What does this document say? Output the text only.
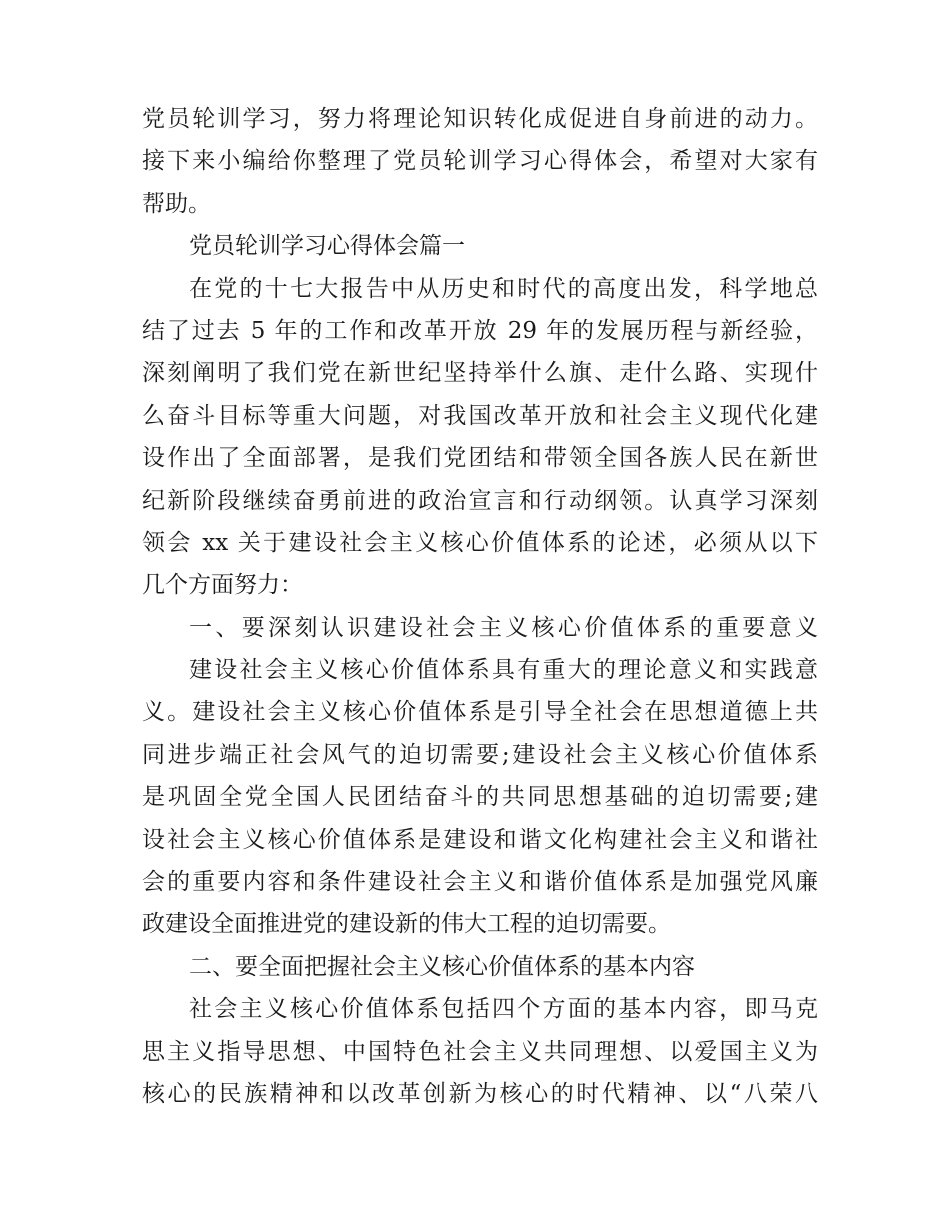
党员轮训学习，努力将理论知识转化成促进自身前进的动力。
接下来小编给你整理了党员轮训学习心得体会，希望对大家有
帮助。
党员轮训学习心得体会篇一
在党的十七大报告中从历史和时代的高度出发，科学地总
结了过去 5 年的工作和改革开放 29 年的发展历程与新经验，
深刻阐明了我们党在新世纪坚持举什么旗、走什么路、实现什
么奋斗目标等重大问题，对我国改革开放和社会主义现代化建
设作出了全面部署，是我们党团结和带领全国各族人民在新世
纪新阶段继续奋勇前进的政治宣言和行动纲领。认真学习深刻
领会 xx 关于建设社会主义核心价值体系的论述，必须从以下
几个方面努力：
一、要深刻认识建设社会主义核心价值体系的重要意义
建设社会主义核心价值体系具有重大的理论意义和实践意
义。建设社会主义核心价值体系是引导全社会在思想道德上共
同进步端正社会风气的迫切需要;建设社会主义核心价值体系
是巩固全党全国人民团结奋斗的共同思想基础的迫切需要;建
设社会主义核心价值体系是建设和谐文化构建社会主义和谐社
会的重要内容和条件建设社会主义和谐价值体系是加强党风廉
政建设全面推进党的建设新的伟大工程的迫切需要。
二、要全面把握社会主义核心价值体系的基本内容
社会主义核心价值体系包括四个方面的基本内容，即马克
思主义指导思想、中国特色社会主义共同理想、以爱国主义为
核心的民族精神和以改革创新为核心的时代精神、以“八荣八
